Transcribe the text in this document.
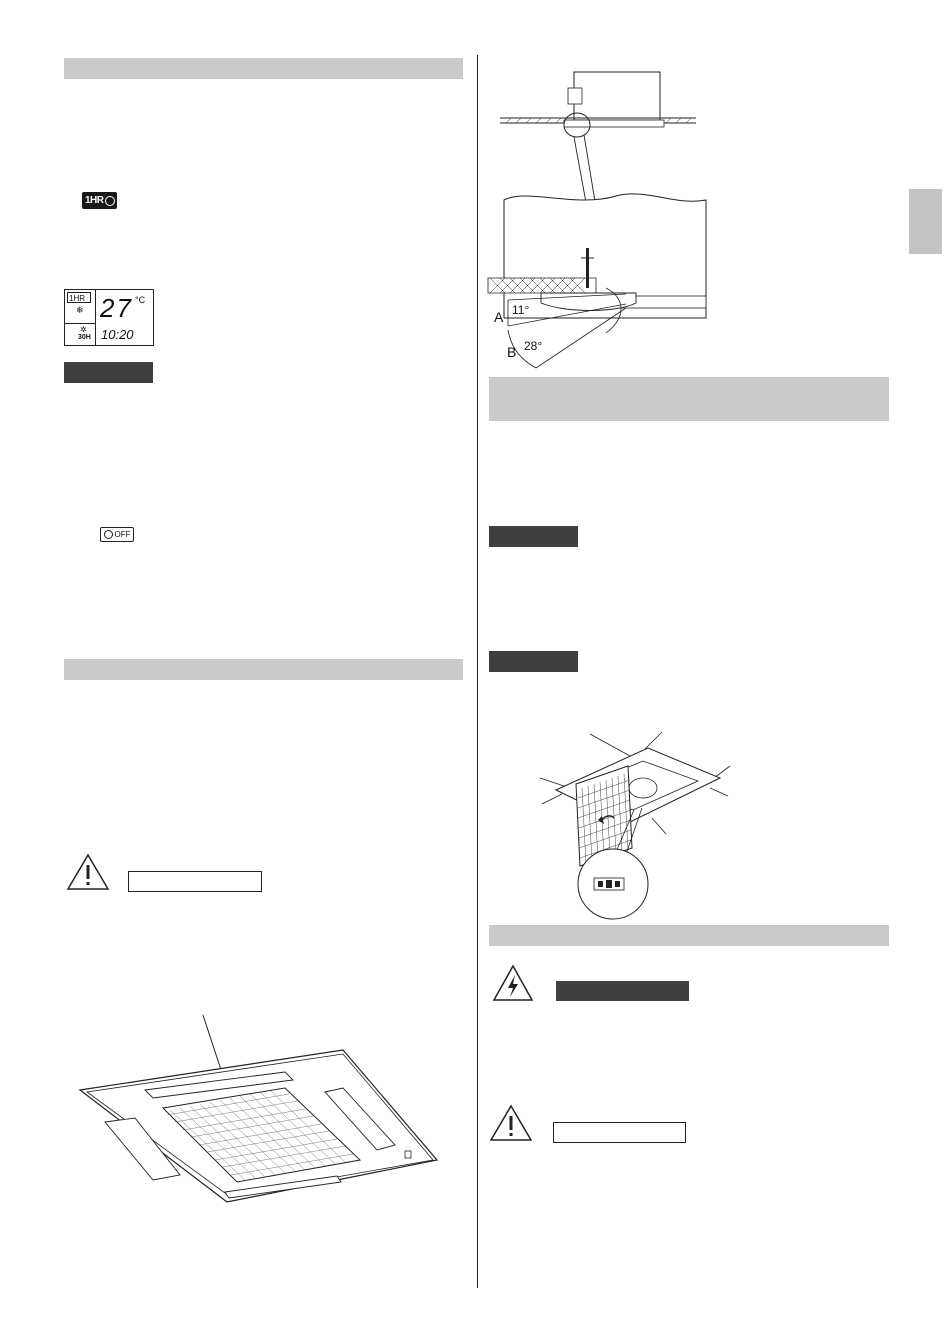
1HR
1HR
❄
✲
30H
27 °C
10:20
OFF
A 11°
B 28°
